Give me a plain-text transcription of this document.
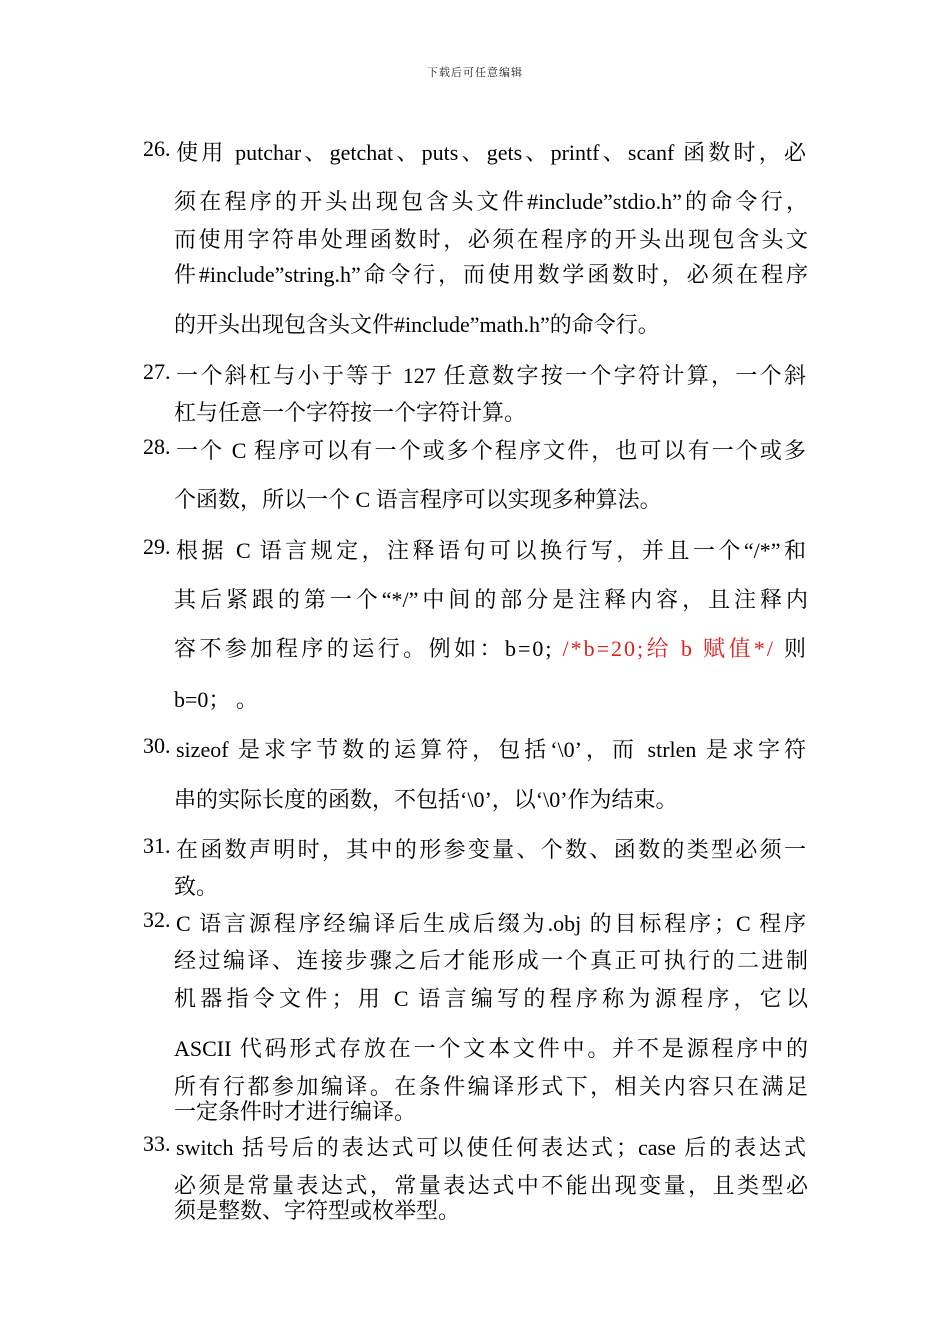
下载后可任意编辑
26. 使用 putchar、getchat、puts、gets、printf、scanf 函数时，必
须在程序的开头出现包含头文件#include”stdio.h”的命令行，
而使用字符串处理函数时，必须在程序的开头出现包含头文
件#include”string.h”命令行，而使用数学函数时，必须在程序
的开头出现包含头文件#include”math.h”的命令行。
27. 一个斜杠与小于等于 127 任意数字按一个字符计算，一个斜
杠与任意一个字符按一个字符计算。
28. 一个 C 程序可以有一个或多个程序文件，也可以有一个或多
个函数，所以一个 C 语言程序可以实现多种算法。
29. 根据 C 语言规定，注释语句可以换行写，并且一个“/*”和
其后紧跟的第一个“*/”中间的部分是注释内容，且注释内
容不参加程序的运行。例如：b=0; /*b=20;给 b 赋值*/ 则
b=0； 。
30. sizeof 是求字节数的运算符，包括‘\0’，而 strlen 是求字符
串的实际长度的函数，不包括‘\0’，以‘\0’作为结束。
31. 在函数声明时，其中的形参变量、个数、函数的类型必须一
致。
32. C 语言源程序经编译后生成后缀为.obj 的目标程序；C 程序
经过编译、连接步骤之后才能形成一个真正可执行的二进制
机器指令文件；用 C 语言编写的程序称为源程序，它以
ASCII 代码形式存放在一个文本文件中。并不是源程序中的
所有行都参加编译。在条件编译形式下，相关内容只在满足
一定条件时才进行编译。
33. switch 括号后的表达式可以使任何表达式；case 后的表达式
必须是常量表达式，常量表达式中不能出现变量，且类型必
须是整数、字符型或枚举型。
